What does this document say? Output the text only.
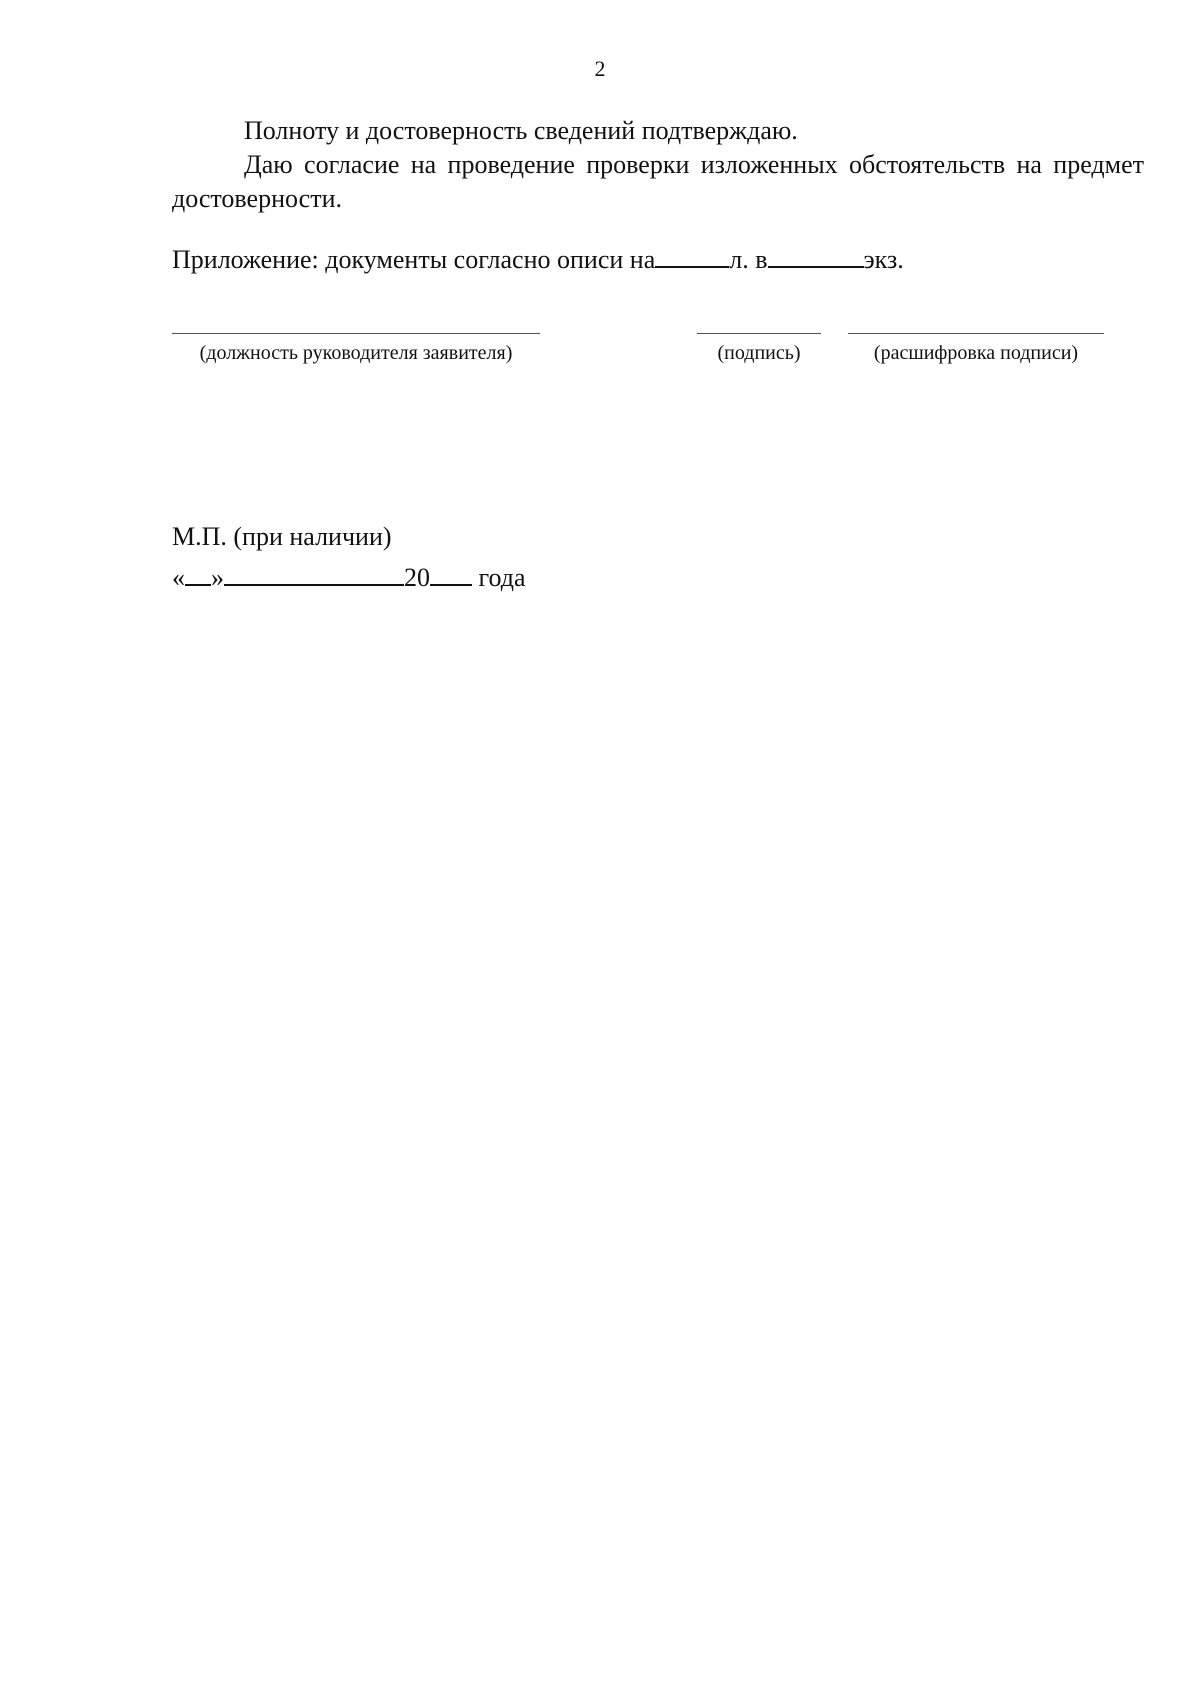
2
Полноту и достоверность сведений подтверждаю.
Даю согласие на проведение проверки изложенных обстоятельств на предмет достоверности.
Приложение: документы согласно описи на	л. в	экз.
(должность руководителя заявителя)	(подпись)	(расшифровка подписи)
М.П. (при наличии)
« »	20 года
